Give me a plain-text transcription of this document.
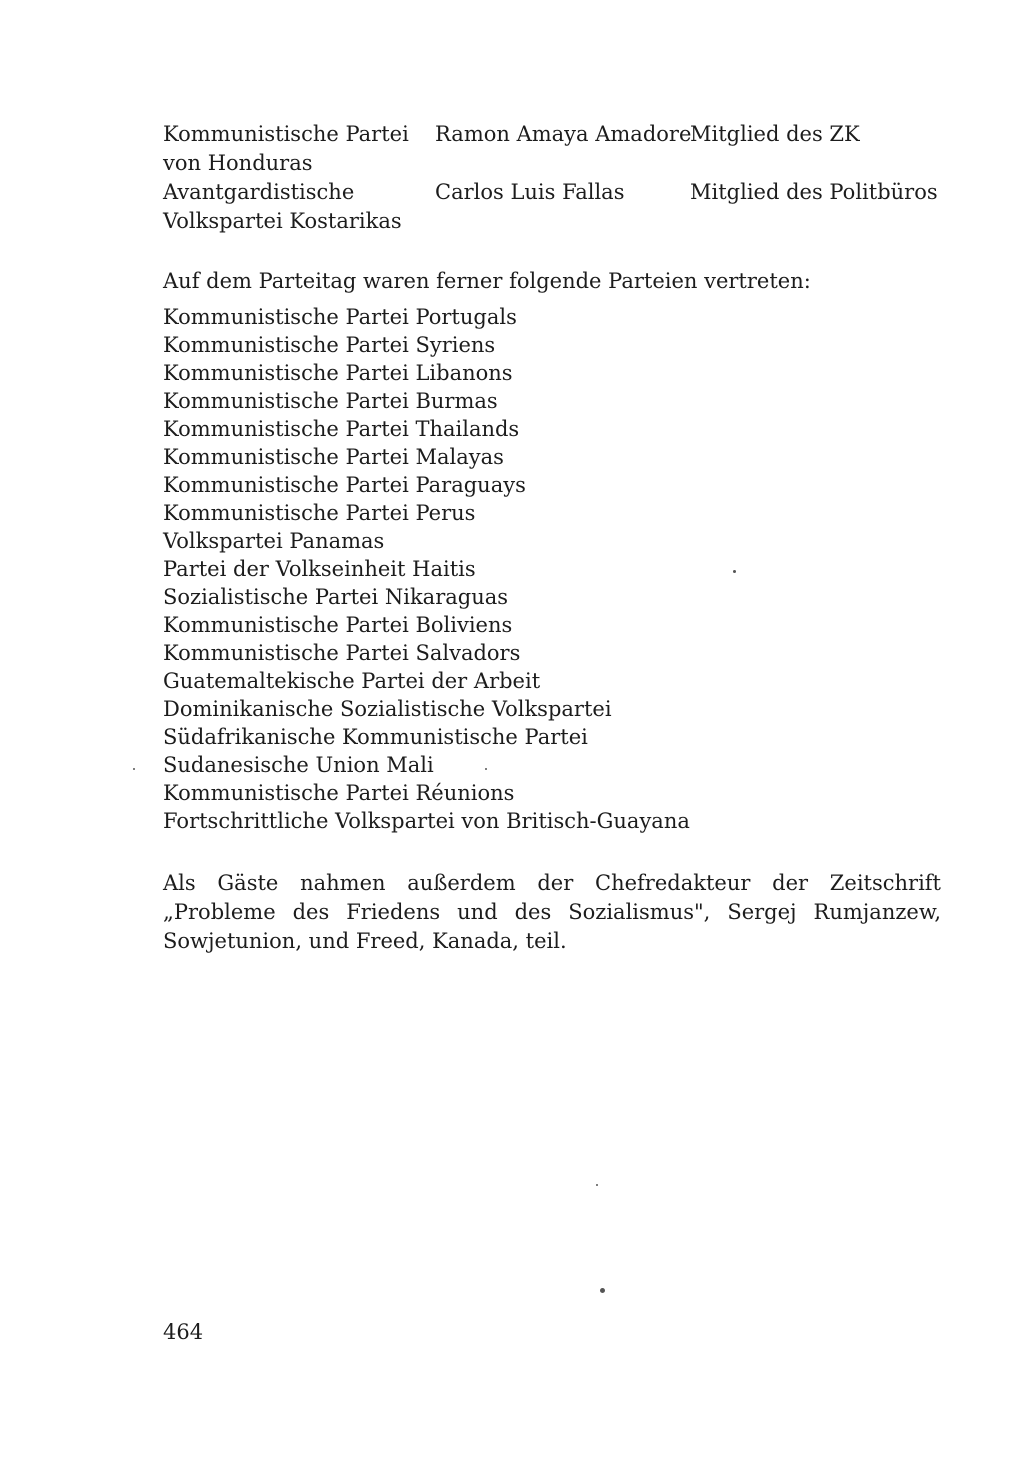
Kommunistische Partei
von Honduras
Ramon Amaya Amadore
Mitglied des ZK
Avantgardistische
Volkspartei Kostarikas
Carlos Luis Fallas	Mitglied des Politbüros
Auf dem Parteitag waren ferner folgende Parteien vertreten:
Kommunistische Partei Portugals
Kommunistische Partei Syriens
Kommunistische Partei Libanons
Kommunistische Partei Burmas
Kommunistische Partei Thailands
Kommunistische Partei Malayas
Kommunistische Partei Paraguays
Kommunistische Partei Perus
Volkspartei Panamas
Partei der Volkseinheit Haitis
Sozialistische Partei Nikaraguas
Kommunistische Partei Boliviens
Kommunistische Partei Salvadors
Guatemaltekische Partei der Arbeit
Dominikanische Sozialistische Volkspartei
Südafrikanische Kommunistische Partei
Sudanesische Union Mali
Kommunistische Partei Réunions
Fortschrittliche Volkspartei von Britisch-Guayana

Als Gäste nahmen außerdem der Chefredakteur der Zeitschrift „Probleme des Friedens und des Sozialismus", Sergej Rumjanzew, Sowjetunion, und Freed, Kanada, teil.

464
